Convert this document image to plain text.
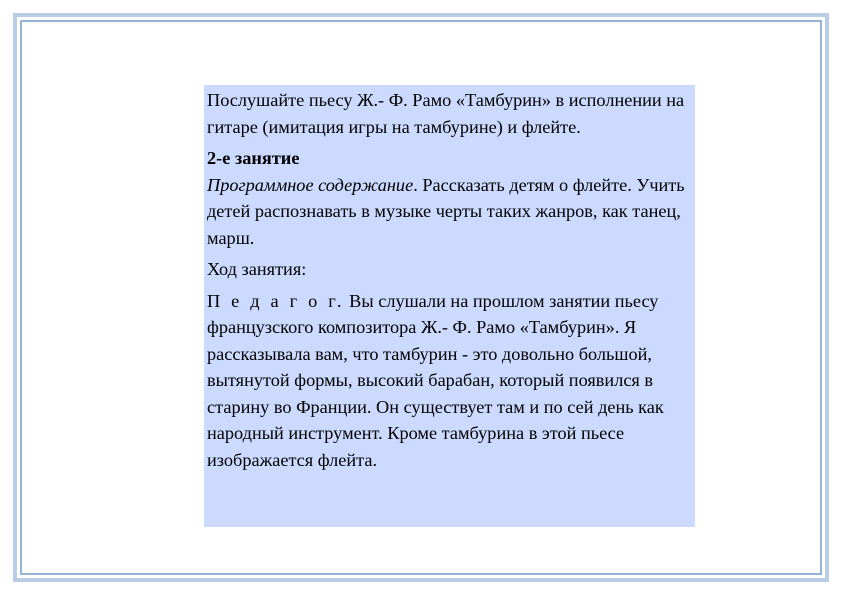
Послушайте пьесу Ж.- Ф. Рамо «Тамбурин» в исполнении на гитаре (имитация игры на тамбурине) и флейте.

2-е занятие

Программное содержание. Рассказать детям о флейте. Учить детей распознавать в музыке черты таких жанров, как танец, марш.

Ход занятия:

П е д а г о г. Вы слушали на прошлом занятии пьесу французского композитора Ж.- Ф. Рамо «Тамбурин». Я рассказывала вам, что тамбурин - это довольно большой, вытянутой формы, высокий барабан, который появился в старину во Франции. Он существует там и по сей день как народный инструмент. Кроме тамбурина в этой пьесе изображается флейта.
